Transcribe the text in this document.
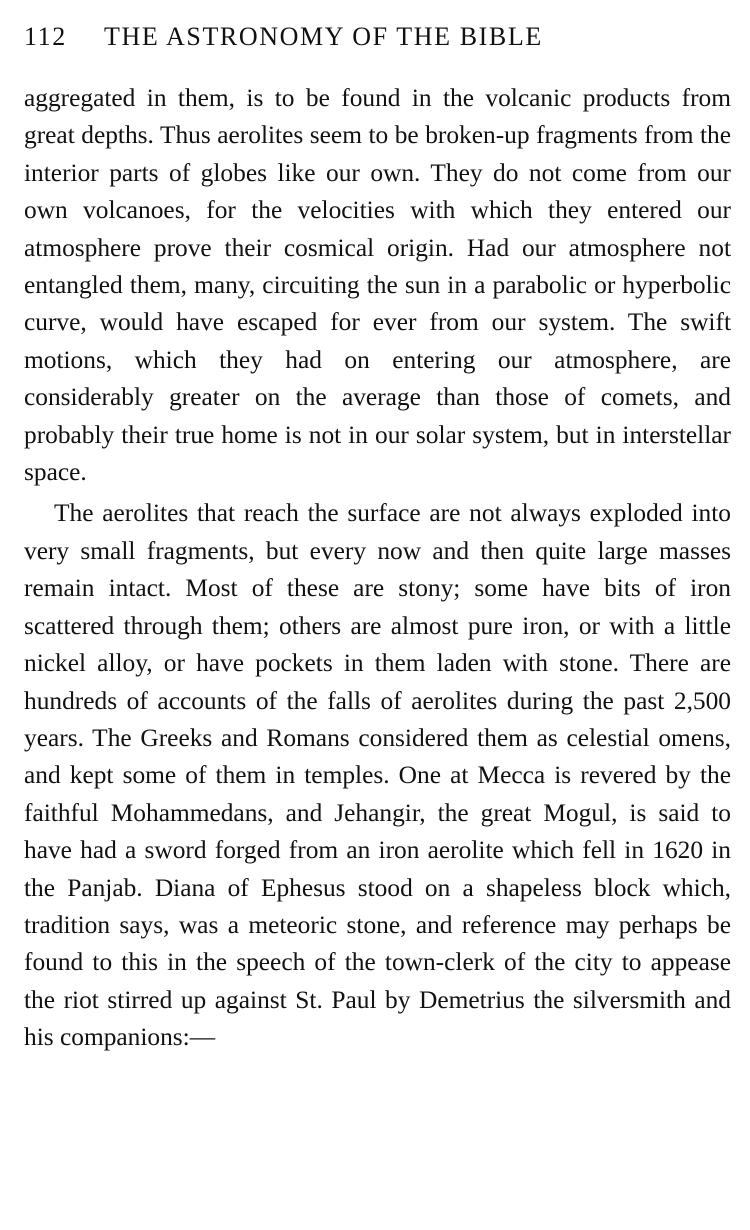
112 THE ASTRONOMY OF THE BIBLE

aggregated in them, is to be found in the volcanic products from great depths. Thus aerolites seem to be broken-up fragments from the interior parts of globes like our own. They do not come from our own volcanoes, for the velocities with which they entered our atmosphere prove their cosmical origin. Had our atmosphere not entangled them, many, circuiting the sun in a parabolic or hyperbolic curve, would have escaped for ever from our system. The swift motions, which they had on entering our atmosphere, are considerably greater on the average than those of comets, and probably their true home is not in our solar system, but in interstellar space.

The aerolites that reach the surface are not always exploded into very small fragments, but every now and then quite large masses remain intact. Most of these are stony; some have bits of iron scattered through them; others are almost pure iron, or with a little nickel alloy, or have pockets in them laden with stone. There are hundreds of accounts of the falls of aerolites during the past 2,500 years. The Greeks and Romans considered them as celestial omens, and kept some of them in temples. One at Mecca is revered by the faithful Mohammedans, and Jehangir, the great Mogul, is said to have had a sword forged from an iron aerolite which fell in 1620 in the Panjab. Diana of Ephesus stood on a shapeless block which, tradition says, was a meteoric stone, and reference may perhaps be found to this in the speech of the town-clerk of the city to appease the riot stirred up against St. Paul by Demetrius the silversmith and his companions:—
